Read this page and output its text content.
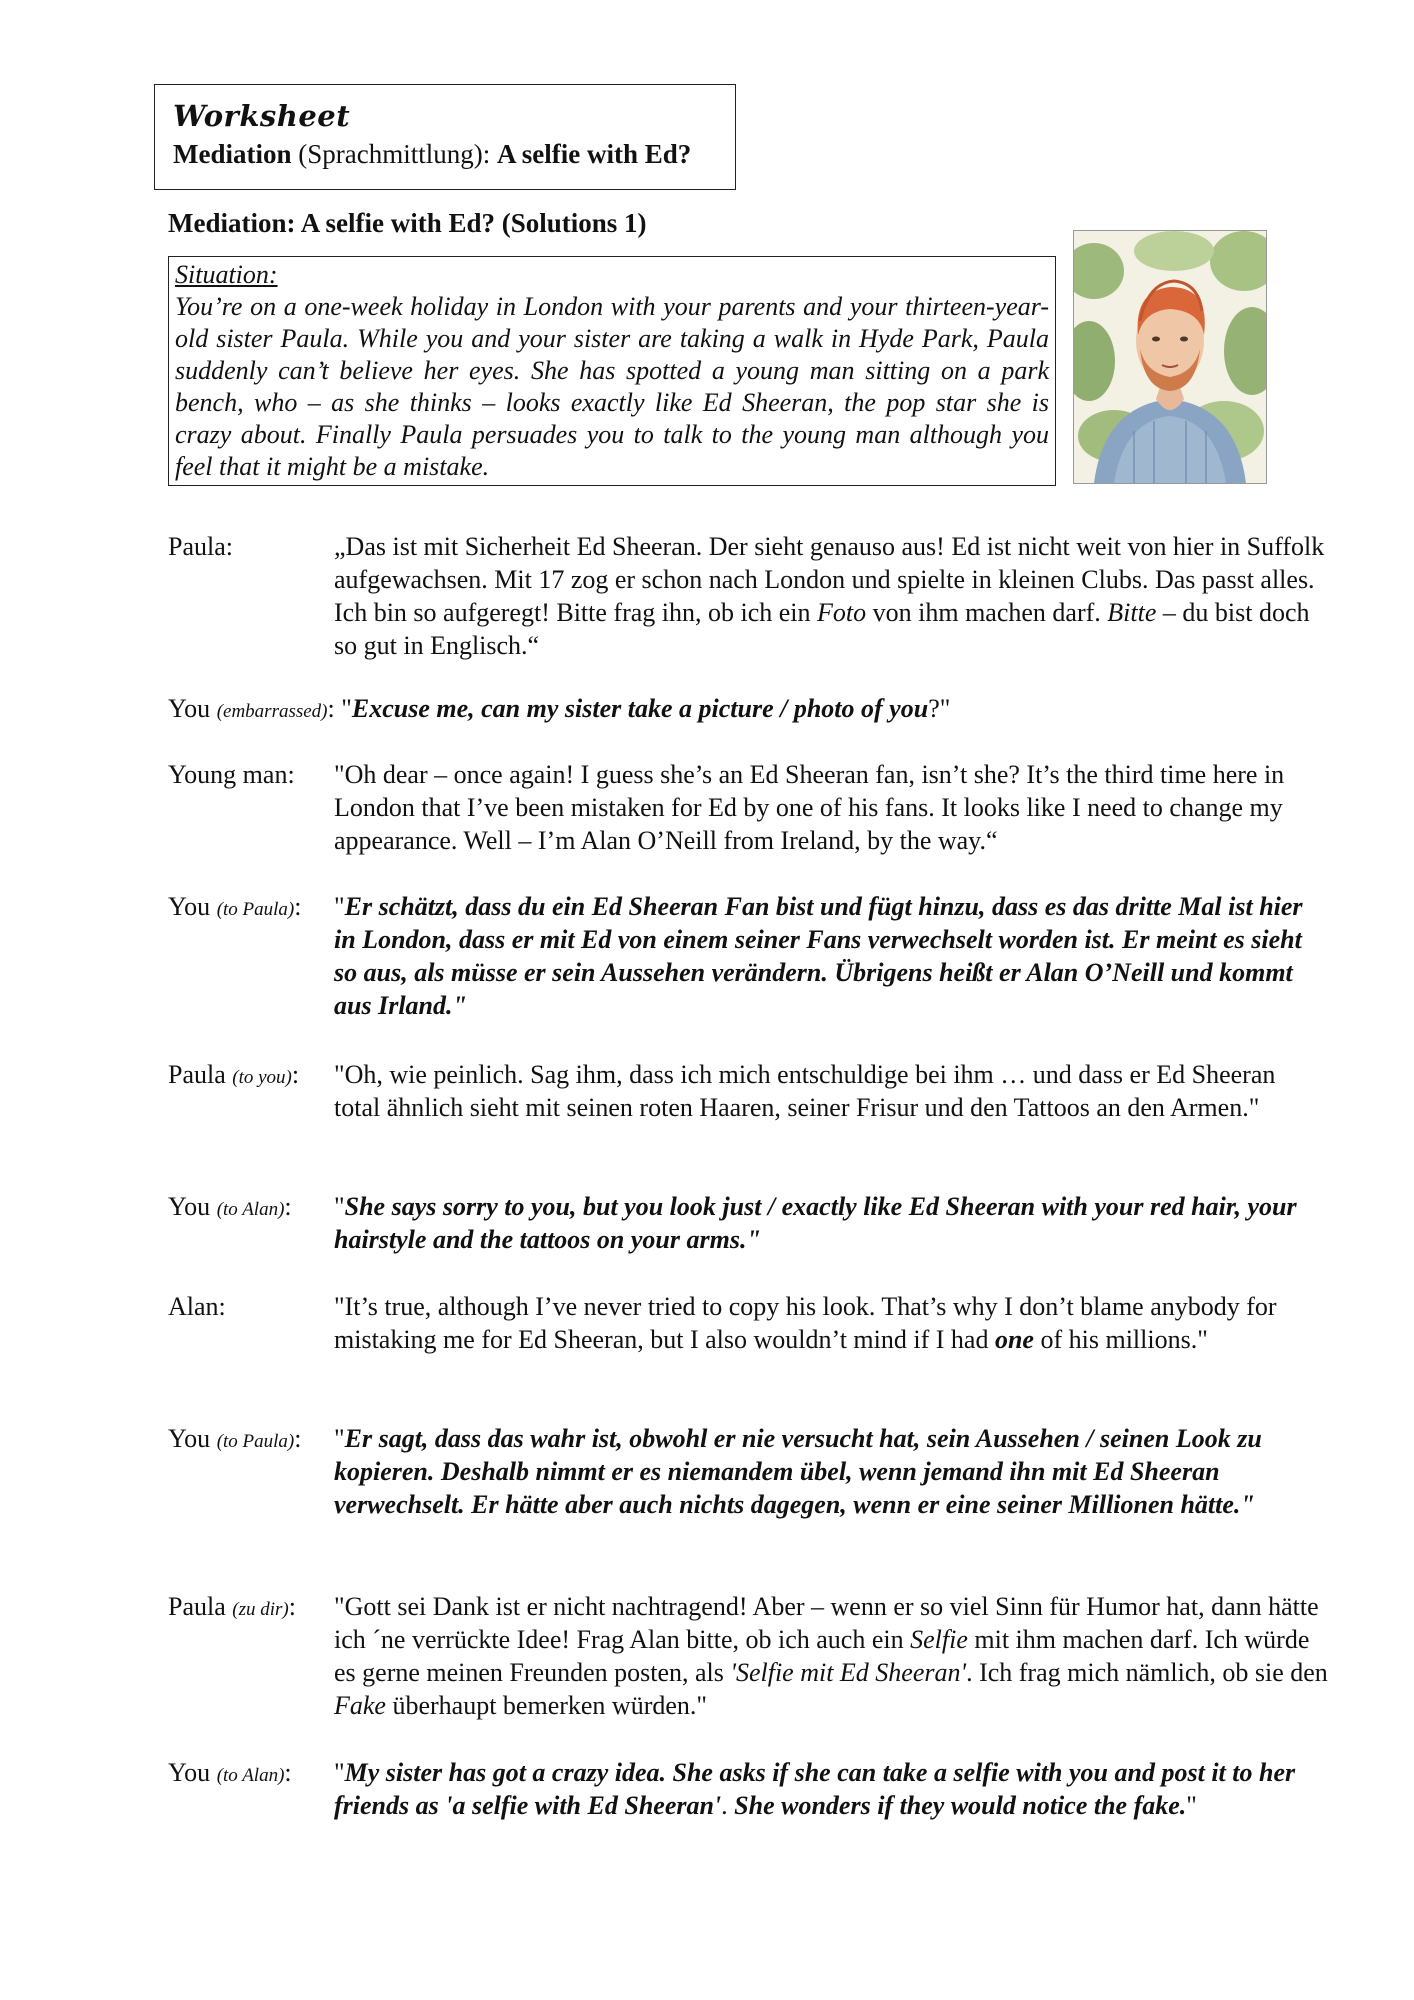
Worksheet
Mediation (Sprachmittlung): A selfie with Ed?
Mediation: A selfie with Ed? (Solutions 1)
Situation:
You’re on a one-week holiday in London with your parents and your thirteen-year-old sister Paula. While you and your sister are taking a walk in Hyde Park, Paula suddenly can’t believe her eyes. She has spotted a young man sitting on a park bench, who – as she thinks – looks exactly like Ed Sheeran, the pop star she is crazy about. Finally Paula persuades you to talk to the young man although you feel that it might be a mistake.
Paula:	„Das ist mit Sicherheit Ed Sheeran. Der sieht genauso aus! Ed ist nicht weit von hier in Suffolk aufgewachsen. Mit 17 zog er schon nach London und spielte in kleinen Clubs. Das passt alles. Ich bin so aufgeregt! Bitte frag ihn, ob ich ein Foto von ihm machen darf. Bitte – du bist doch so gut in Englisch.“
You (embarrassed): "Excuse me, can my sister take a picture / photo of you?"
Young man: "Oh dear – once again! I guess she’s an Ed Sheeran fan, isn’t she? It’s the third time here in London that I’ve been mistaken for Ed by one of his fans. It looks like I need to change my appearance. Well – I’m Alan O’Neill from Ireland, by the way.“
You (to Paula): "Er schätzt, dass du ein Ed Sheeran Fan bist und fügt hinzu, dass es das dritte Mal ist hier in London, dass er mit Ed von einem seiner Fans verwechselt worden ist. Er meint es sieht so aus, als müsse er sein Aussehen verändern. Übrigens heißt er Alan O’Neill und kommt aus Irland."
Paula (to you): "Oh, wie peinlich. Sag ihm, dass ich mich entschuldige bei ihm … und dass er Ed Sheeran total ähnlich sieht mit seinen roten Haaren, seiner Frisur und den Tattoos an den Armen."
You (to Alan): "She says sorry to you, but you look just / exactly like Ed Sheeran with your red hair, your hairstyle and the tattoos on your arms."
Alan:	"It’s true, although I’ve never tried to copy his look. That’s why I don’t blame anybody for mistaking me for Ed Sheeran, but I also wouldn’t mind if I had one of his millions."
You (to Paula): "Er sagt, dass das wahr ist, obwohl er nie versucht hat, sein Aussehen / seinen Look zu kopieren. Deshalb nimmt er es niemandem übel, wenn jemand ihn mit Ed Sheeran verwechselt. Er hätte aber auch nichts dagegen, wenn er eine seiner Millionen hätte."
Paula (zu dir): "Gott sei Dank ist er nicht nachtragend! Aber – wenn er so viel Sinn für Humor hat, dann hätte ich ´ne verrückte Idee! Frag Alan bitte, ob ich auch ein Selfie mit ihm machen darf. Ich würde es gerne meinen Freunden posten, als 'Selfie mit Ed Sheeran'. Ich frag mich nämlich, ob sie den Fake überhaupt bemerken würden."
You (to Alan): "My sister has got a crazy idea. She asks if she can take a selfie with you and post it to her friends as 'a selfie with Ed Sheeran'. She wonders if they would notice the fake."
